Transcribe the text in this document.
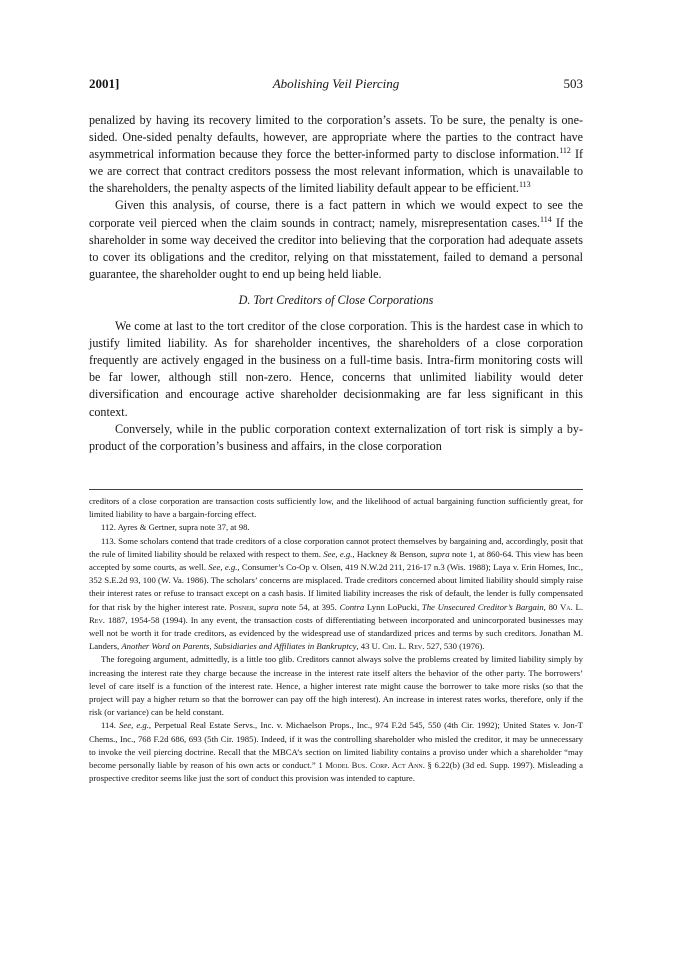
2001]	Abolishing Veil Piercing	503

penalized by having its recovery limited to the corporation’s assets. To be sure, the penalty is one-sided. One-sided penalty defaults, however, are appropriate where the parties to the contract have asymmetrical information because they force the better-informed party to disclose information.$^{112}$ If we are correct that contract creditors possess the most relevant information, which is unavailable to the shareholders, the penalty aspects of the limited liability default appear to be efficient.$^{113}$

Given this analysis, of course, there is a fact pattern in which we would expect to see the corporate veil pierced when the claim sounds in contract; namely, misrepresentation cases.$^{114}$ If the shareholder in some way deceived the creditor into believing that the corporation had adequate assets to cover its obligations and the creditor, relying on that misstatement, failed to demand a personal guarantee, the shareholder ought to end up being held liable.

D. Tort Creditors of Close Corporations

We come at last to the tort creditor of the close corporation. This is the hardest case in which to justify limited liability. As for shareholder incentives, the shareholders of a close corporation frequently are actively engaged in the business on a full-time basis. Intra-firm monitoring costs will be far lower, although still non-zero. Hence, concerns that unlimited liability would deter diversification and encourage active shareholder decisionmaking are far less significant in this context.

Conversely, while in the public corporation context externalization of tort risk is simply a by-product of the corporation’s business and affairs, in the close corporation

creditors of a close corporation are transaction costs sufficiently low, and the likelihood of actual bargaining function sufficiently great, for limited liability to have a bargain-forcing effect.

112. Ayres & Gertner, supra note 37, at 98.

113. Some scholars contend that trade creditors of a close corporation cannot protect themselves by bargaining and, accordingly, posit that the rule of limited liability should be relaxed with respect to them. See, e.g., Hackney & Benson, supra note 1, at 860-64. This view has been accepted by some courts, as well. See, e.g., Consumer’s Co-Op v. Olsen, 419 N.W.2d 211, 216-17 n.3 (Wis. 1988); Laya v. Erin Homes, Inc., 352 S.E.2d 93, 100 (W. Va. 1986). The scholars’ concerns are misplaced. Trade creditors concerned about limited liability should simply raise their interest rates or refuse to transact except on a cash basis. If limited liability increases the risk of default, the lender is fully compensated for that risk by the higher interest rate. Posner, supra note 54, at 395. Contra Lynn LoPucki, The Unsecured Creditor’s Bargain, 80 Va. L. Rev. 1887, 1954-58 (1994). In any event, the transaction costs of differentiating between incorporated and unincorporated businesses may well not be worth it for trade creditors, as evidenced by the widespread use of standardized prices and terms by such creditors. Jonathan M. Landers, Another Word on Parents, Subsidiaries and Affiliates in Bankruptcy, 43 U. Chi. L. Rev. 527, 530 (1976).

The foregoing argument, admittedly, is a little too glib. Creditors cannot always solve the problems created by limited liability simply by increasing the interest rate they charge because the increase in the interest rate itself alters the behavior of the other party. The borrowers’ level of care itself is a function of the interest rate. Hence, a higher interest rate might cause the borrower to take more risks (so that the project will pay a higher return so that the borrower can pay off the high interest). An increase in interest rates works, therefore, only if the risk (or variance) can be held constant.

114. See, e.g., Perpetual Real Estate Servs., Inc. v. Michaelson Props., Inc., 974 F.2d 545, 550 (4th Cir. 1992); United States v. Jon-T Chems., Inc., 768 F.2d 686, 693 (5th Cir. 1985). Indeed, if it was the controlling shareholder who misled the creditor, it may be unnecessary to invoke the veil piercing doctrine. Recall that the MBCA’s section on limited liability contains a proviso under which a shareholder “may become personally liable by reason of his own acts or conduct.” 1 Model Bus. Corp. Act Ann. § 6.22(b) (3d ed. Supp. 1997). Misleading a prospective creditor seems like just the sort of conduct this provision was intended to capture.
